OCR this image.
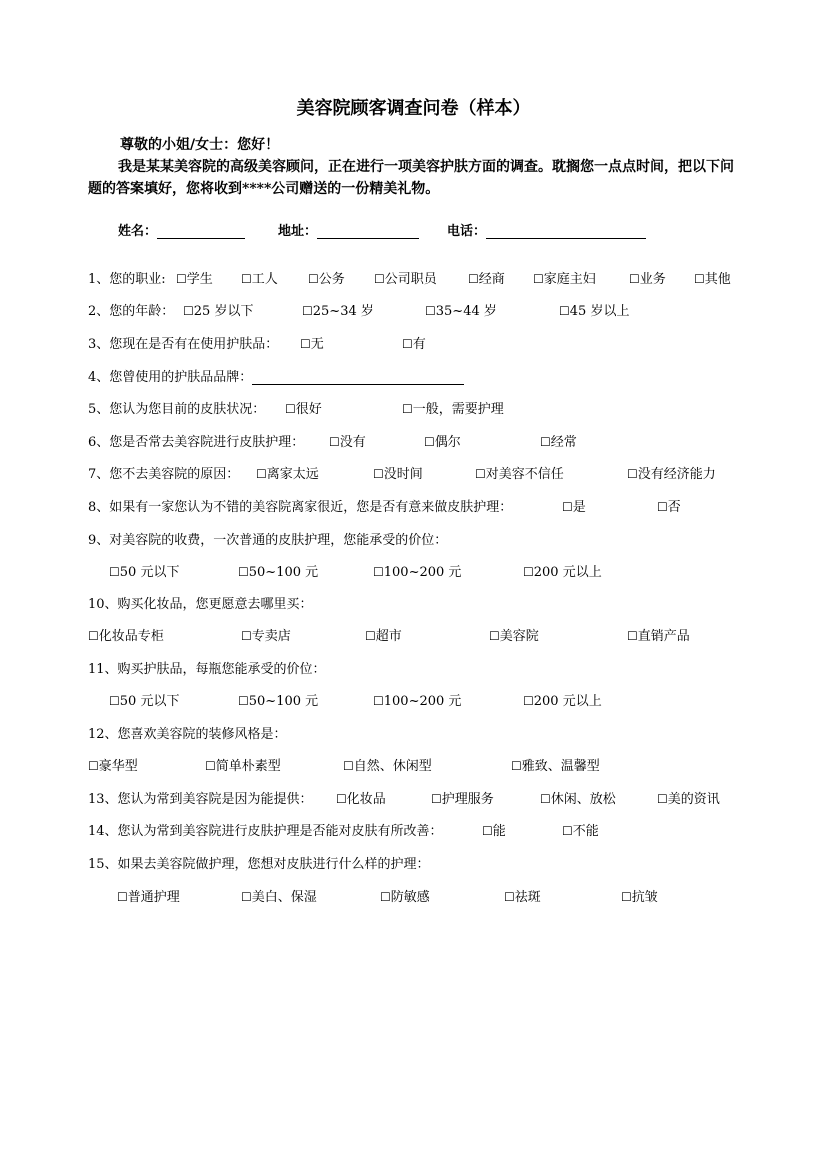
美容院顾客调查问卷（样本）
尊敬的小姐/女士：您好！
我是某某美容院的高级美容顾问，正在进行一项美容护肤方面的调查。耽搁您一点点时间，把以下问题的答案填好，您将收到****公司赠送的一份精美礼物。
姓名：	地址：	电话：
1、您的职业: ☐学生 ☐工人	☐公务 ☐公司职员	☐经商 ☐家庭主妇	☐业务 ☐其他
2、您的年龄： ☐25 岁以下	☐25~34 岁	☐35~44 岁	☐45 岁以上
3、您现在是否有在使用护肤品： ☐无	☐有
4、您曾使用的护肤品品牌：
5、您认为您目前的皮肤状况： ☐很好	☐一般，需要护理
6、您是否常去美容院进行皮肤护理： ☐没有	☐偶尔	☐经常
7、您不去美容院的原因： ☐离家太远	☐没时间	☐对美容不信任	☐没有经济能力
8、如果有一家您认为不错的美容院离家很近，您是否有意来做皮肤护理：	☐是	☐否
9、对美容院的收费，一次普通的皮肤护理，您能承受的价位：
☐50 元以下	☐50~100 元	☐100~200 元	☐200 元以上
10、购买化妆品，您更愿意去哪里买：
☐化妆品专柜	☐专卖店	☐超市	☐美容院	☐直销产品
11、购买护肤品，每瓶您能承受的价位：
☐50 元以下	☐50~100 元	☐100~200 元	☐200 元以上
12、您喜欢美容院的装修风格是：
☐豪华型	☐简单朴素型	☐自然、休闲型	☐雅致、温馨型
13、您认为常到美容院是因为能提供： ☐化妆品	☐护理服务	☐休闲、放松	☐美的资讯
14、您认为常到美容院进行皮肤护理是否能对皮肤有所改善：	☐能	☐不能
15、如果去美容院做护理，您想对皮肤进行什么样的护理：
☐普通护理	☐美白、保湿	☐防敏感	☐祛斑	☐抗皱
